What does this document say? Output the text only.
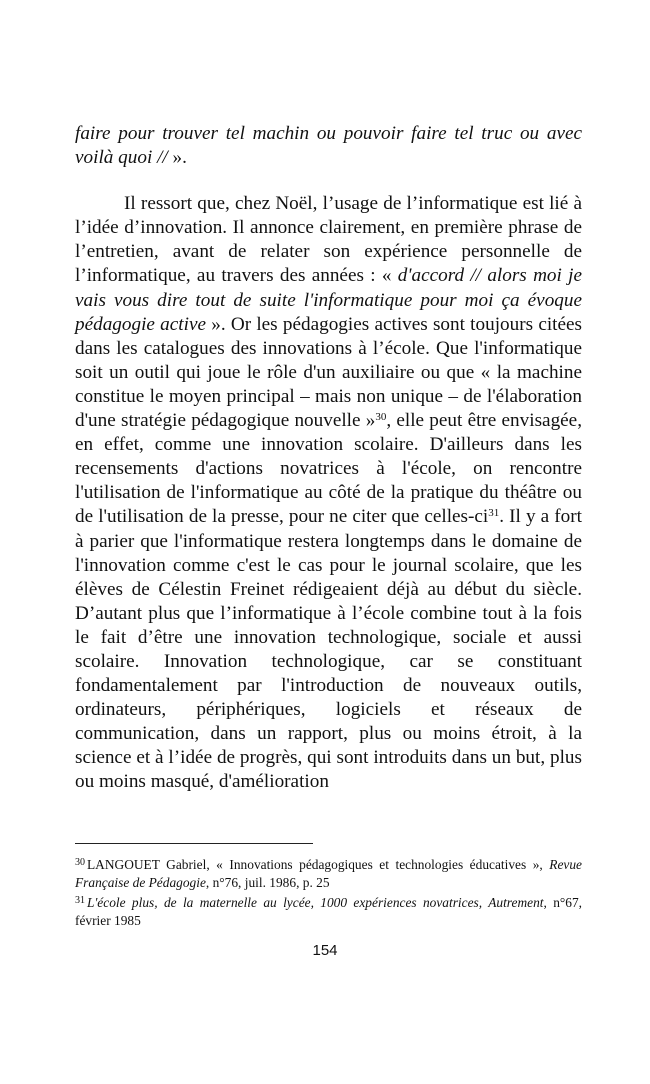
faire pour trouver tel machin ou pouvoir faire tel truc ou avec voilà quoi // ».

Il ressort que, chez Noël, l’usage de l’informatique est lié à l’idée d’innovation. Il annonce clairement, en première phrase de l’entretien, avant de relater son expérience personnelle de l’informatique, au travers des années : « d'accord // alors moi je vais vous dire tout de suite l'informatique pour moi ça évoque pédagogie active ». Or les pédagogies actives sont toujours citées dans les catalogues des innovations à l’école. Que l'informatique soit un outil qui joue le rôle d'un auxiliaire ou que « la machine constitue le moyen principal – mais non unique – de l'élaboration d'une stratégie pédagogique nouvelle »$^{30}$, elle peut être envisagée, en effet, comme une innovation scolaire. D'ailleurs dans les recensements d'actions novatrices à l'école, on rencontre l'utilisation de l'informatique au côté de la pratique du théâtre ou de l'utilisation de la presse, pour ne citer que celles-ci$^{31}$. Il y a fort à parier que l'informatique restera longtemps dans le domaine de l'innovation comme c'est le cas pour le journal scolaire, que les élèves de Célestin Freinet rédigeaient déjà au début du siècle. D’autant plus que l’informatique à l’école combine tout à la fois le fait d’être une innovation technologique, sociale et aussi scolaire. Innovation technologique, car se constituant fondamentalement par l'introduction de nouveaux outils, ordinateurs, périphériques, logiciels et réseaux de communication, dans un rapport, plus ou moins étroit, à la science et à l’idée de progrès, qui sont introduits dans un but, plus ou moins masqué, d'amélioration

$^{30}$ LANGOUET Gabriel, « Innovations pédagogiques et technologies éducatives », Revue Française de Pédagogie, n°76, juil. 1986, p. 25

$^{31}$ L'école plus, de la maternelle au lycée, 1000 expériences novatrices, Autrement, n°67, février 1985

154
